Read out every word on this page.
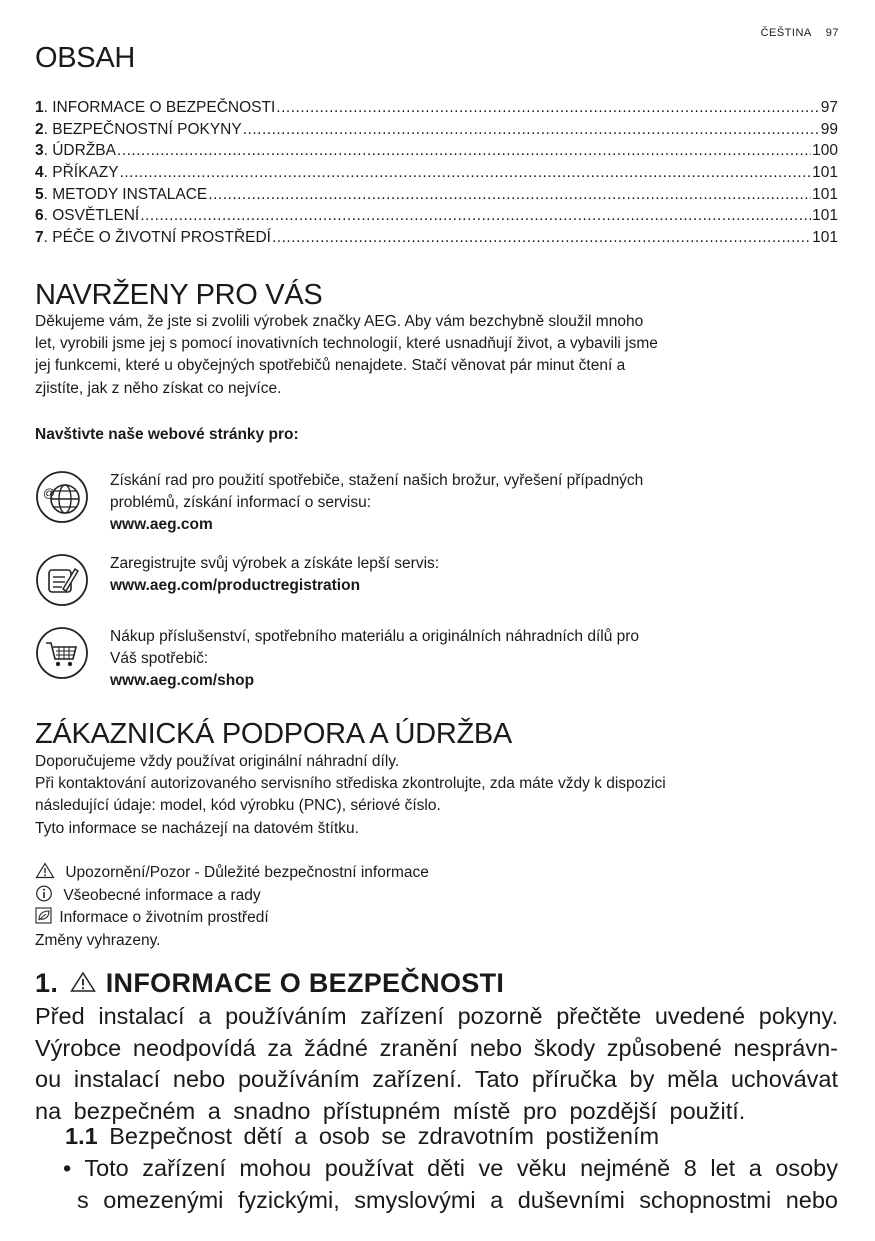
ČEŠTINA 97
OBSAH
1 . INFORMACE O BEZPEČNOSTI .....	97
2 . BEZPEČNOSTNÍ POKYNY .....	99
3 . ÚDRŽBA .....	100
4 . PŘÍKAZY .....	101
5 . METODY INSTALACE .....	101
6 . OSVĚTLENÍ .....	101
7 . PÉČE O ŽIVOTNÍ PROSTŘEDÍ .....	101
NAVRŽENY PRO VÁS
Děkujeme vám, že jste si zvolili výrobek značky AEG. Aby vám bezchybně sloužil mnoho
let, vyrobili jsme jej s pomocí inovativních technologií, které usnadňují život, a vybavili jsme
jej funkcemi, které u obyčejných spotřebičů nenajdete. Stačí věnovat pár minut čtení a
zjistíte, jak z něho získat co nejvíce.
Navštivte naše webové stránky pro:
@
Získání rad pro použití spotřebiče, stažení našich brožur, vyřešení případných
problémů, získání informací o servisu:
www.aeg.com
Zaregistrujte svůj výrobek a získáte lepší servis:
www.aeg.com/productregistration
Nákup příslušenství, spotřebního materiálu a originálních náhradních dílů pro
Váš spotřebič:
www.aeg.com/shop
ZÁKAZNICKÁ PODPORA A ÚDRŽBA
Doporučujeme vždy používat originální náhradní díly.
Při kontaktování autorizovaného servisního střediska zkontrolujte, zda máte vždy k dispozici
následující údaje: model, kód výrobku (PNC), sériové číslo.
Tyto informace se nacházejí na datovém štítku.
Upozornění/Pozor - Důležité bezpečnostní informace
Všeobecné informace a rady
Informace o životním prostředí
Změny vyhrazeny.
1. INFORMACE O BEZPEČNOSTI
Před instalací a používáním zařízení pozorně přečtěte uvedené pokyny.
Výrobce neodpovídá za žádné zranění nebo škody způsobené nesprávn-
ou instalací nebo používáním zařízení. Tato příručka by měla uchovávat
na bezpečném a snadno přístupném místě pro pozdější použití.
1.1 Bezpečnost dětí a osob se zdravotním postižením
• Toto zařízení mohou používat děti ve věku nejméně 8 let a osoby
s omezenými fyzickými, smyslovými a duševními schopnostmi nebo
